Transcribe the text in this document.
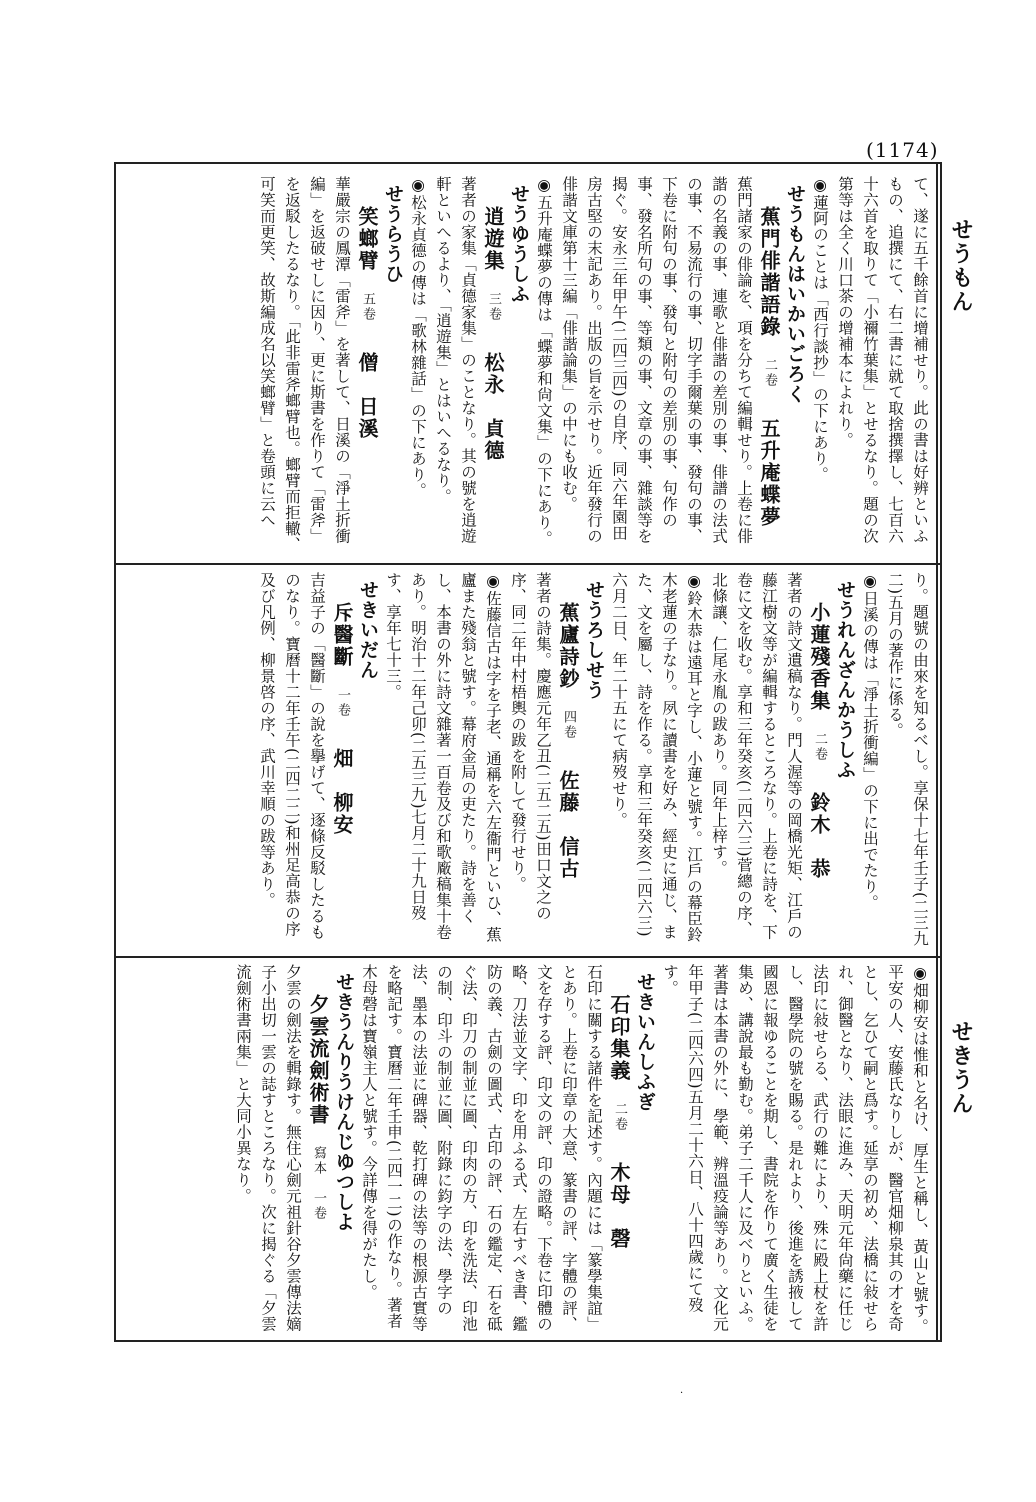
(1174)
せうもん
せきうん

て、遂に五千餘首に增補せり。此の書は好辨といふもの、追撰にて、右二書に就て取捨撰擇し、七百六十六首を取りて「小禰竹葉集」とせるなり。題の次第等は全く川口茶の增補本によれり。

◉蓮阿のことは「西行談抄」の下にあり。

せうもんはいかいごろく

蕉門俳諧語錄二卷五升庵蝶夢

蕉門諸家の俳論を、項を分ちて編輯せり。上卷に俳諧の名義の事、連歌と俳諧の差別の事、俳譜の法式の事、不易流行の事、切字手爾葉の事、發句の事、下卷に附句の事、發句と附句の差別の事、句作の事、發名所句の事、等類の事、文章の事、雜談等を揭ぐ。安永三年甲午(二四三四)の自序、同六年園田房古堅の末記あり。出版の旨を示せり。近年發行の俳諧文庫第十三編「俳諧論集」の中にも收む。

◉五升庵蝶夢の傳は「蝶夢和尙文集」の下にあり。

せうゆうしふ

逍遊集三卷松永　貞德

著者の家集「貞德家集」のことなり。其の號を逍遊軒といへるより、「逍遊集」とはいへるなり。

◉松永貞德の傳は「歌林雜話」の下にあり。

せうらうひ

笑螂臂五卷僧　日溪

華嚴宗の鳳潭「雷斧」を著して、日溪の「淨土折衝編」を返破せしに因り、更に斯書を作りて「雷斧」を返駁したるなり。「此非雷斧螂臂也。螂臂而拒轍、可笑而更笑、故斯編成名以笑螂臂」と卷頭に云へ

り。題號の由來を知るべし。享保十七年壬子(二三九二)五月の著作に係る。

◉日溪の傳は「淨土折衝編」の下に出でたり。

せうれんざんかうしふ

小蓮殘香集二卷鈴木　恭

著者の詩文遺稿なり。門人渥等の岡橋光矩、江戶の藤江樹文等が編輯するところなり。上卷に詩を、下卷に文を收む。享和三年癸亥(二四六三)菅總の序、北條讓、仁尾永胤の跋あり。同年上梓す。

◉鈴木恭は遠耳と字し、小蓮と號す。江戶の幕臣鈴木老蓮の子なり。夙に讀書を好み、經史に通じ、また、文を屬し、詩を作る。享和三年癸亥(二四六三)六月二日、年二十五にて病歿せり。

せうろしせう

蕉廬詩鈔四卷佐藤　信古

著者の詩集。慶應元年乙丑(二五二五)田口文之の序、同二年中村梧輿の跋を附して發行せり。

◉佐藤信古は字を子老、通稱を六左衞門といひ、蕉廬また殘翁と號す。幕府金局の吏たり。詩を善くし、本書の外に詩文雜著一百卷及び和歌廠稿集十卷あり。明治十二年己卯(二五三九)七月二十九日歿す、享年七十三。

せきいだん

斥醫斷一卷畑　柳安

吉益子の「醫斷」の說を擧げて、逐條反駁したるものなり。寶曆十二年壬午(二四二二)和州足高恭の序及び凡例、柳景啓の序、武川幸順の跋等あり。

◉畑柳安は惟和と名け、厚生と稱し、黃山と號す。平安の人、安藤氏なりしが、醫官畑柳泉其の才を奇とし、乞ひて嗣と爲す。延享の初め、法橋に敍せられ、御醫となり、法眼に進み、天明元年尙藥に任じ法印に敍せらる、武行の難により、殊に殿上杖を許し、醫學院の號を賜る。是れより、後進を誘掖して國恩に報ゆることを期し、書院を作りて廣く生徒を集め、講說最も勤む。弟子二千人に及べりといふ。著書は本書の外に、學範、辨溫疫論等あり。文化元年甲子(二四六四)五月二十六日、八十四歲にて歿す。

せきいんしふぎ

石印集義二卷木母　磬

石印に關する諸件を記述す。內題には「篆學集誼」とあり。上卷に印章の大意、篆書の評、字體の評、文を存する評、印文の評、印の證略。下卷に印體の略、刀法並文字、印を用ふる式、左右すべき書、鑑防の義、古劍の圖式、古印の評、石の鑑定、石を砥ぐ法、印刀の制並に圖、印肉の方、印を洗法、印池の制、印斗の制並に圖、附錄に鈞字の法、學字の法、墨本の法並に碑器、乾打碑の法等の根源古實等を略記す。寶曆二年壬申(二四一二)の作なり。著者木母磬は寶嶺主人と號す。今詳傳を得がたし。

せきうんりうけんじゆつしよ

夕雲流劍術書寫本　一卷

夕雲の劍法を輯錄す。無住心劍元祖針谷夕雲傳法嫡子小出切一雲の誌すところなり。次に揭ぐる「夕雲流劍術書兩集」と大同小異なり。

·
